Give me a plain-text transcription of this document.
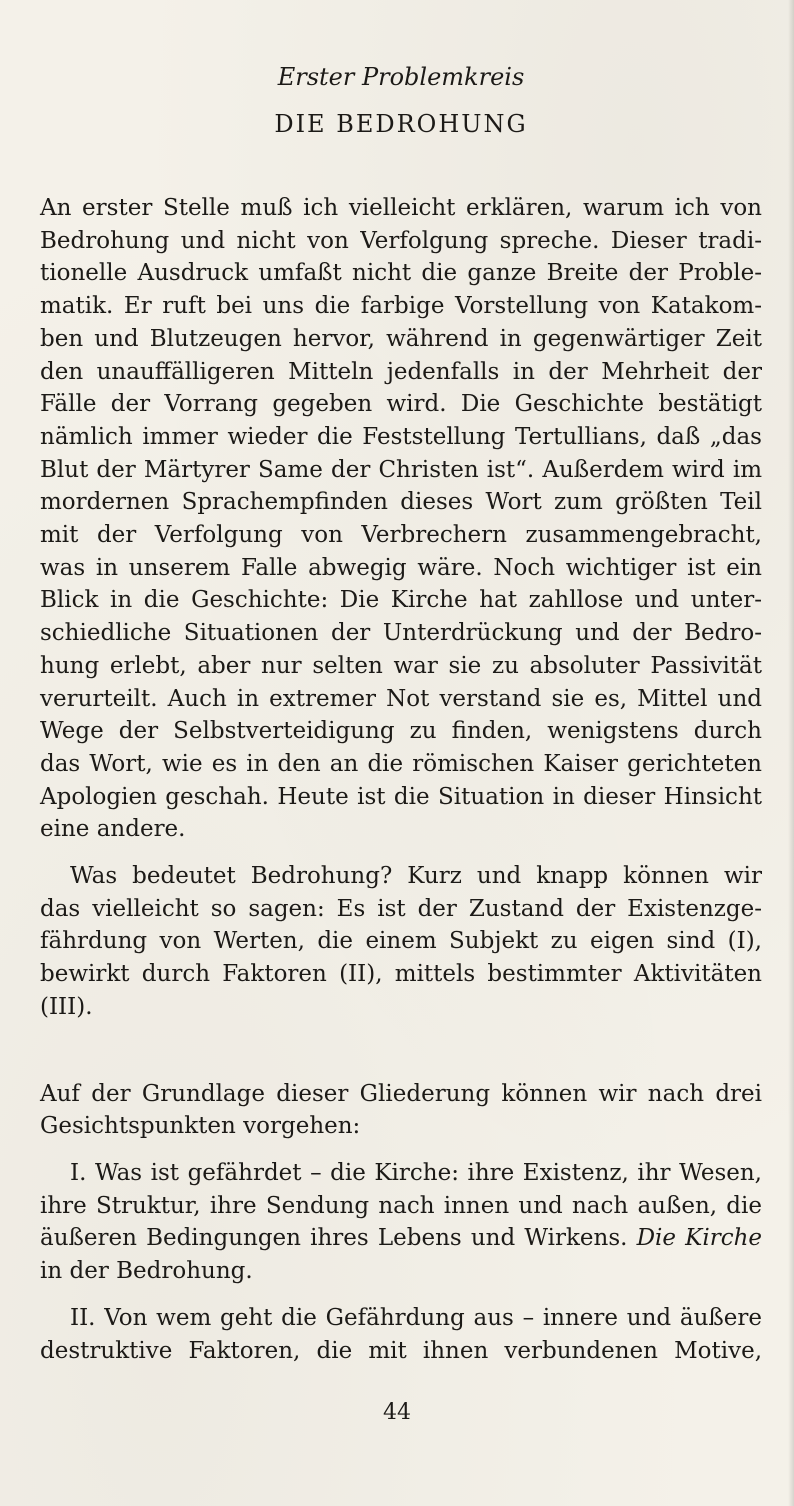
Erster Problemkreis
DIE BEDROHUNG

An erster Stelle muß ich vielleicht erklären, warum ich von
Bedrohung und nicht von Verfolgung spreche. Dieser tradi-
tionelle Ausdruck umfaßt nicht die ganze Breite der Proble-
matik. Er ruft bei uns die farbige Vorstellung von Katakom-
ben und Blutzeugen hervor, während in gegenwärtiger Zeit
den unauffälligeren Mitteln jedenfalls in der Mehrheit der
Fälle der Vorrang gegeben wird. Die Geschichte bestätigt
nämlich immer wieder die Feststellung Tertullians, daß „das
Blut der Märtyrer Same der Christen ist“. Außerdem wird im
mordernen Sprachempfinden dieses Wort zum größten Teil
mit der Verfolgung von Verbrechern zusammengebracht,
was in unserem Falle abwegig wäre. Noch wichtiger ist ein
Blick in die Geschichte: Die Kirche hat zahllose und unter-
schiedliche Situationen der Unterdrückung und der Bedro-
hung erlebt, aber nur selten war sie zu absoluter Passivität
verurteilt. Auch in extremer Not verstand sie es, Mittel und
Wege der Selbstverteidigung zu finden, wenigstens durch
das Wort, wie es in den an die römischen Kaiser gerichteten
Apologien geschah. Heute ist die Situation in dieser Hinsicht
eine andere.

Was bedeutet Bedrohung? Kurz und knapp können wir
das vielleicht so sagen: Es ist der Zustand der Existenzge-
fährdung von Werten, die einem Subjekt zu eigen sind (I),
bewirkt durch Faktoren (II), mittels bestimmter Aktivitäten
(III).

Auf der Grundlage dieser Gliederung können wir nach drei
Gesichtspunkten vorgehen:

I. Was ist gefährdet – die Kirche: ihre Existenz, ihr Wesen,
ihre Struktur, ihre Sendung nach innen und nach außen, die
äußeren Bedingungen ihres Lebens und Wirkens. Die Kirche
in der Bedrohung.

II. Von wem geht die Gefährdung aus – innere und äußere
destruktive Faktoren, die mit ihnen verbundenen Motive,

44
